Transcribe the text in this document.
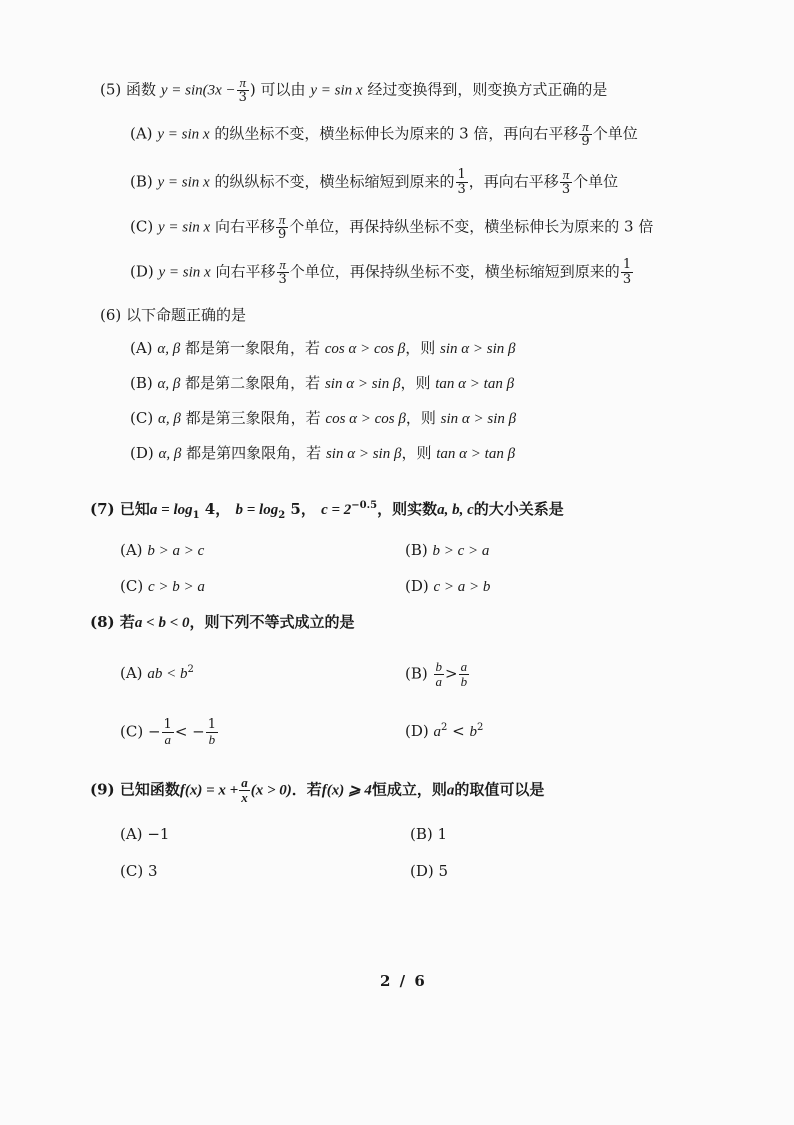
(5) 函数 $y = \sin(3x - \frac{\pi}{3}$ ) 可以由 y = sin x 经过变换得到，则变换方式正确的是
(A) y = sin x 的纵坐标不变，横坐标伸长为原来的 3 倍，再向右平移 $\frac{\pi}{9}$ 个单位
(B) y = sin x 的纵纵标不变，横坐标缩短到原来的 $\frac{1}{3}$ ，再向右平移 $\frac{\pi}{3}$ 个单位
(C) y = sin x 向右平移 $\frac{\pi}{9}$ 个单位，再保持纵坐标不变，横坐标伸长为原来的 3 倍
(D) y = sin x 向右平移 $\frac{\pi}{3}$ 个单位，再保持纵坐标不变，横坐标缩短到原来的 $\frac{1}{3}$
(6) 以下命题正确的是
(A) α, β 都是第一象限角，若 cos α > cos β，则 sin α > sin β
(B) α, β 都是第二象限角，若 sin α > sin β，则 tan α > tan β
(C) α, β 都是第三象限角，若 cos α > cos β，则 sin α > sin β
(D) α, β 都是第四象限角，若 sin α > sin β，则 tan α > tan β
(7) 已知$a = \log_1 4$， $b = \log_2 5$， $c = 2^{-0.5}$，则实数a, b, c的大小关系是
(A) b > a > c	(B) b > c > a
(C) c > b > a	(D) c > a > b
(8) 若a < b < 0，则下列不等式成立的是
(A) ab < $b^2$	$(B) \frac{b}{a} > \frac{a}{b}$
$(C) - \frac{1}{a}$ < − $\frac{1}{b}$	(D) $a^2 < b^2$
(9) 已知函数$f(x) = x + \frac{a}{x} (x > 0)$．若f(x) ⩾ 4恒成立，则a的取值可以是
(A) −1	(B) 1
(C) 3	(D) 5
2 / 6
